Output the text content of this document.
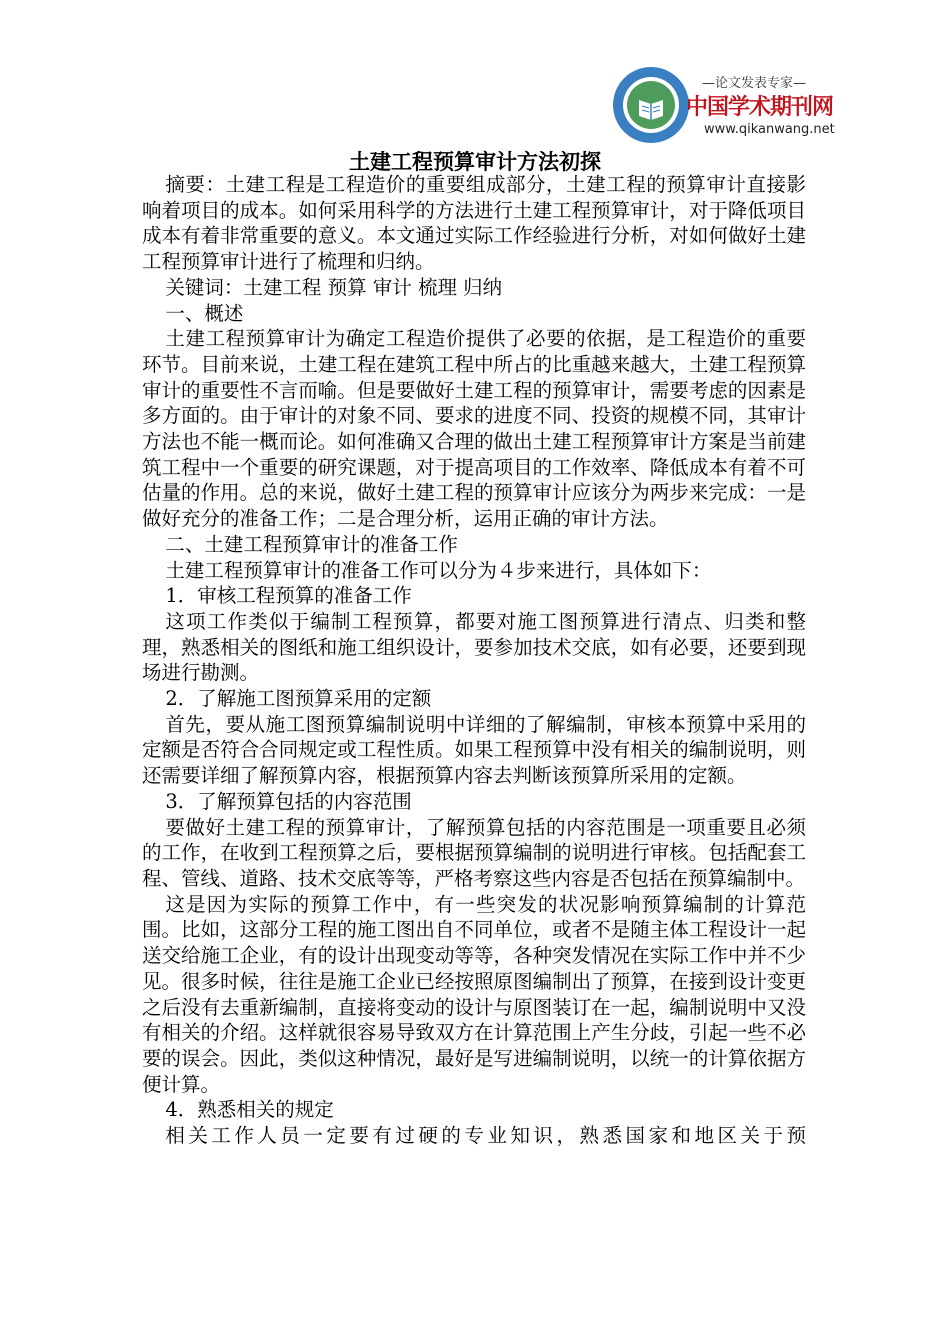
—论文发表专家—
中国学术期刊网
www.qikanwang.net
土建工程预算审计方法初探

摘要：土建工程是工程造价的重要组成部分，土建工程的预算审计直接影响着项目的成本。如何采用科学的方法进行土建工程预算审计，对于降低项目成本有着非常重要的意义。本文通过实际工作经验进行分析，对如何做好土建工程预算审计进行了梳理和归纳。

关键词：土建工程 预算 审计 梳理 归纳

一、概述

土建工程预算审计为确定工程造价提供了必要的依据，是工程造价的重要环节。目前来说，土建工程在建筑工程中所占的比重越来越大，土建工程预算审计的重要性不言而喻。但是要做好土建工程的预算审计，需要考虑的因素是多方面的。由于审计的对象不同、要求的进度不同、投资的规模不同，其审计方法也不能一概而论。如何准确又合理的做出土建工程预算审计方案是当前建筑工程中一个重要的研究课题，对于提高项目的工作效率、降低成本有着不可估量的作用。总的来说，做好土建工程的预算审计应该分为两步来完成：一是做好充分的准备工作；二是合理分析，运用正确的审计方法。

二、土建工程预算审计的准备工作

土建工程预算审计的准备工作可以分为４步来进行，具体如下：

1．审核工程预算的准备工作

这项工作类似于编制工程预算，都要对施工图预算进行清点、归类和整理，熟悉相关的图纸和施工组织设计，要参加技术交底，如有必要，还要到现场进行勘测。

2．了解施工图预算采用的定额

首先，要从施工图预算编制说明中详细的了解编制，审核本预算中采用的定额是否符合合同规定或工程性质。如果工程预算中没有相关的编制说明，则还需要详细了解预算内容，根据预算内容去判断该预算所采用的定额。

3．了解预算包括的内容范围

要做好土建工程的预算审计，了解预算包括的内容范围是一项重要且必须的工作，在收到工程预算之后，要根据预算编制的说明进行审核。包括配套工程、管线、道路、技术交底等等，严格考察这些内容是否包括在预算编制中。

这是因为实际的预算工作中，有一些突发的状况影响预算编制的计算范围。比如，这部分工程的施工图出自不同单位，或者不是随主体工程设计一起送交给施工企业，有的设计出现变动等等，各种突发情况在实际工作中并不少见。很多时候，往往是施工企业已经按照原图编制出了预算，在接到设计变更之后没有去重新编制，直接将变动的设计与原图装订在一起，编制说明中又没有相关的介绍。这样就很容易导致双方在计算范围上产生分歧，引起一些不必要的误会。因此，类似这种情况，最好是写进编制说明，以统一的计算依据方便计算。

4．熟悉相关的规定

相关工作人员一定要有过硬的专业知识，熟悉国家和地区关于预
